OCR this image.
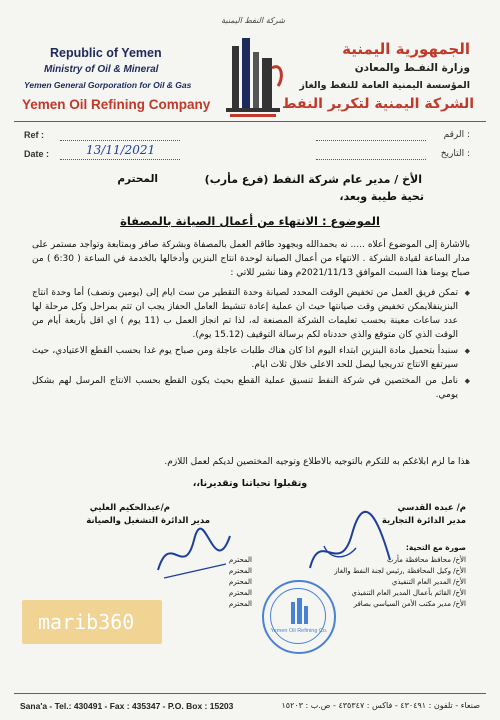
Republic of Yemen
Ministry of Oil & Mineral
Yemen General Gorporation for Oil & Gas
Yemen Oil Refining Company
شركة النفط اليمنية
الجمهورية اليمنية
وزارة النفـط والمعادن
المؤسسة اليمنية العامة للنفط والغاز
الشركة اليمنية لتكرير النفط
Ref :
Date :	13/11/2021
: الرقم
: التاريخ
الأخ / مدير عام شركة النفط (فرع مأرب)
المحترم
تحية طيبة وبعد،
الموضوع : الانتهاء من أعمال الصيانة بالمصفاة
بالاشارة إلى الموضوع أعلاه ..... نه بحمدالله وبجهود طاقم العمل بالمصفاة وبشركة صافر وبمتابعة وتواجد مستمر على مدار الساعة لقيادة الشركة . الانتهاء من أعمال الصيانة لوحدة انتاج البنزين وأدخالها بالخدمة في الساعة ( 6:30 ) من صباح يومنا هذا السبت الموافق 2021/11/13م وهنا نشير للاتي :
◆ تمكن فريق العمل من تخفيض الوقت المحدد لصيانة وحدة التقطير من ست ايام إلى (يومين ونصف) أما وحدة انتاج البنزينفلايمكن تخفيض وقت صيانتها حيث ان عملية إعادة تنشيط العامل الحفاز يجب ان تتم بمراحل وكل مرحلة لها عدد ساعات معينة بحسب تعليمات الشركة المصنعة له، لذا تم انجاز العمل ب (11 يوم ) اي اقل بأربعة أيام من الوقت الذي كان متوقع والذي حددناه لكم برسالة التوقيف (15.12 يوم).
◆ سنبدأ بتحميل مادة البنزين ابتداء اليوم اذا كان هناك طلبات عاجلة ومن صباح يوم غدا بحسب القطع الاعتيادي، حيث سيرتفع الانتاج تدريجيا ليصل للحد الاعلى خلال ثلاث ايام.
◆ نامل من المختصين في شركة النفط تنسيق عملية القطع بحيث يكون القطع بحسب الانتاج المرسل لهم بشكل يومي.
هذا ما لزم ابلاغكم به للتكرم بالتوجيه بالاطلاع وتوجيه المختصين لديكم لعمل اللازم.
وتقبلوا تحياتنا وتقديرنا،،
م/عبدالحكيم العليي
مدير الدائرة التشغيل والصيانة
م/ عبده القدسي
مدير الدائرة التجارية
صورة مع التحية:
الأخ/ محافظ محافظة مأرب
الأخ/ وكيل المحافظة ,رئيس لجنة النفط والغاز
الأخ/ المدير العام التنفيذي
الأخ/ القائم بأعمال المدير العام التنفيذي
الأخ/ مدير مكتب الأمن السياسي بصافر
المحترم
المحترم
المحترم
المحترم
المحترم
Yemen Oil Refining Co.
marib360
Sana'a - Tel.: 430491 - Fax : 435347 - P.O. Box : 15203	صنعاء - تلفون : ٤٣٠٤٩١ - فاكس : ٤٣٥٣٤٧ - ص.ب : ١٥٢٠٣
